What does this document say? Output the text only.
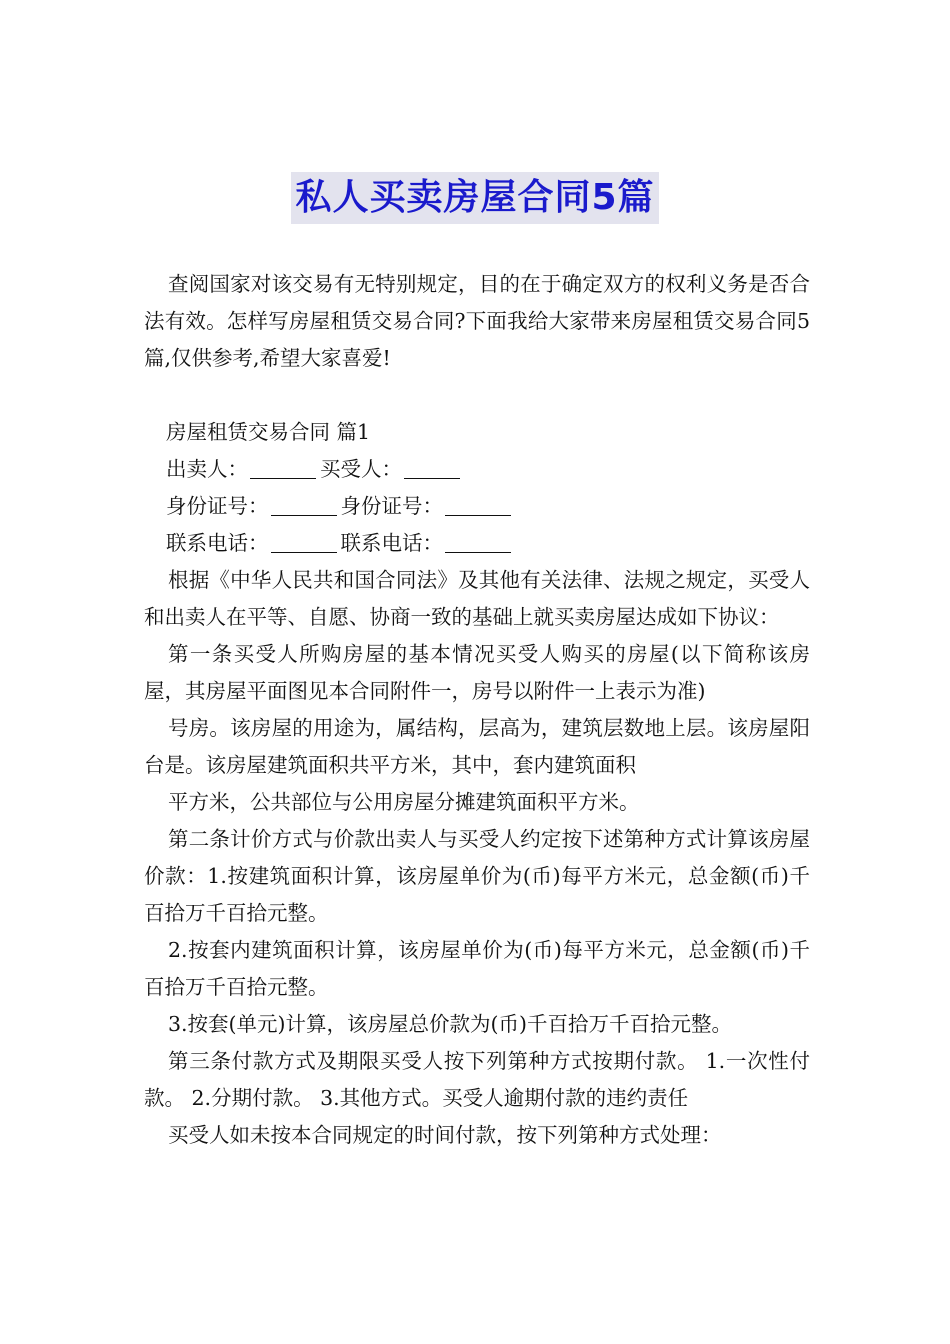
私人买卖房屋合同5篇

查阅国家对该交易有无特别规定，目的在于确定双方的权利义务是否合法有效。怎样写房屋租赁交易合同?下面我给大家带来房屋租赁交易合同5篇,仅供参考,希望大家喜爱!

房屋租赁交易合同 篇1

出卖人：	买受人：

身份证号：	身份证号：

联系电话：	联系电话：

根据《中华人民共和国合同法》及其他有关法律、法规之规定，买受人和出卖人在平等、自愿、协商一致的基础上就买卖房屋达成如下协议：

第一条买受人所购房屋的基本情况买受人购买的房屋(以下简称该房屋，其房屋平面图见本合同附件一，房号以附件一上表示为准)

号房。该房屋的用途为，属结构，层高为，建筑层数地上层。该房屋阳台是。该房屋建筑面积共平方米，其中，套内建筑面积

平方米，公共部位与公用房屋分摊建筑面积平方米。

第二条计价方式与价款出卖人与买受人约定按下述第种方式计算该房屋价款：1.按建筑面积计算，该房屋单价为(币)每平方米元，总金额(币)千百拾万千百拾元整。

2.按套内建筑面积计算，该房屋单价为(币)每平方米元，总金额(币)千百拾万千百拾元整。

3.按套(单元)计算，该房屋总价款为(币)千百拾万千百拾元整。

第三条付款方式及期限买受人按下列第种方式按期付款。 1.一次性付款。 2.分期付款。 3.其他方式。买受人逾期付款的违约责任

买受人如未按本合同规定的时间付款，按下列第种方式处理：
